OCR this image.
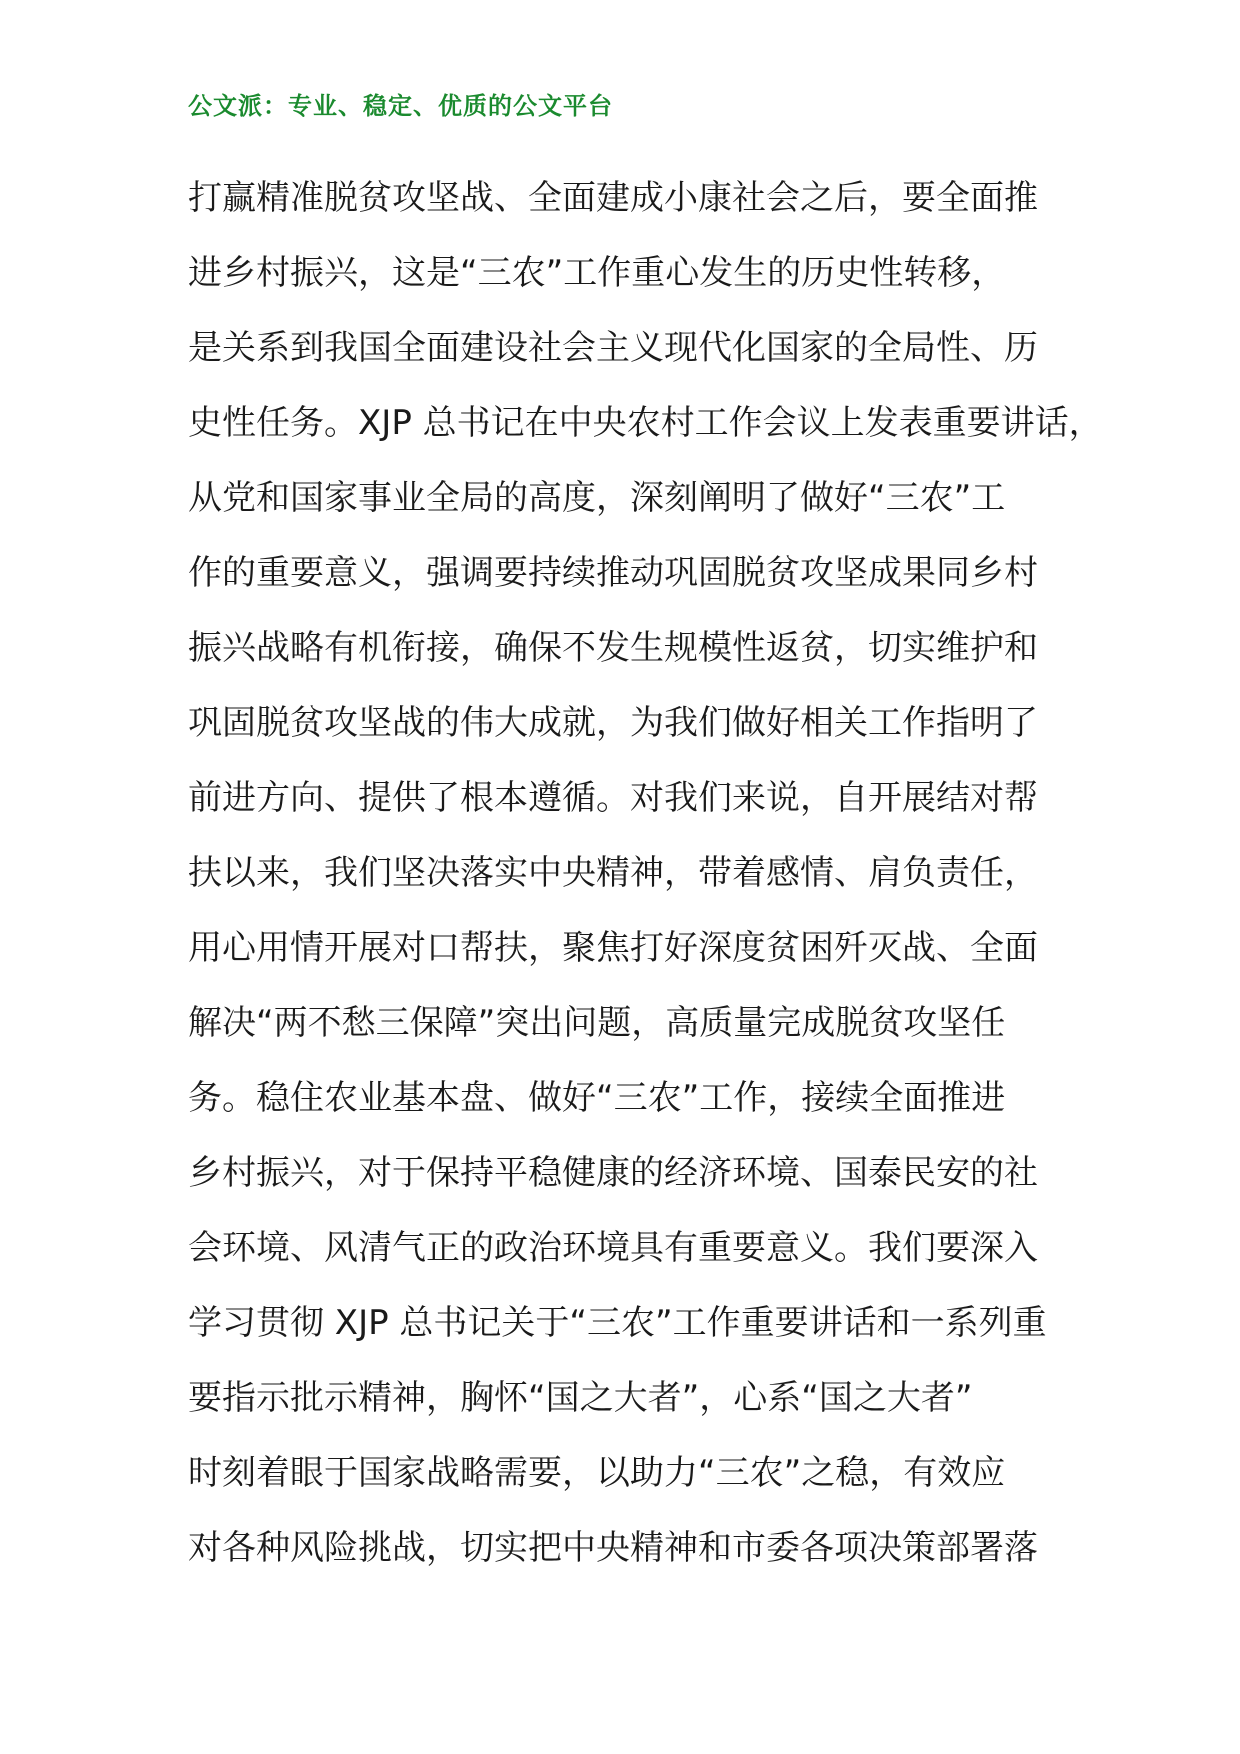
公文派：专业、稳定、优质的公文平台
打赢精准脱贫攻坚战、全面建成小康社会之后，要全面推
进乡村振兴，这是“三农”工作重心发生的历史性转移，
是关系到我国全面建设社会主义现代化国家的全局性、历
史性任务。XJP 总书记在中央农村工作会议上发表重要讲话，
从党和国家事业全局的高度，深刻阐明了做好“三农”工
作的重要意义，强调要持续推动巩固脱贫攻坚成果同乡村
振兴战略有机衔接，确保不发生规模性返贫，切实维护和
巩固脱贫攻坚战的伟大成就，为我们做好相关工作指明了
前进方向、提供了根本遵循。对我们来说，自开展结对帮
扶以来，我们坚决落实中央精神，带着感情、肩负责任，
用心用情开展对口帮扶，聚焦打好深度贫困歼灭战、全面
解决“两不愁三保障”突出问题，高质量完成脱贫攻坚任
务。稳住农业基本盘、做好“三农”工作，接续全面推进
乡村振兴，对于保持平稳健康的经济环境、国泰民安的社
会环境、风清气正的政治环境具有重要意义。我们要深入
学习贯彻 XJP 总书记关于“三农”工作重要讲话和一系列重
要指示批示精神，胸怀“国之大者”，心系“国之大者”
时刻着眼于国家战略需要，以助力“三农”之稳，有效应
对各种风险挑战，切实把中央精神和市委各项决策部署落
